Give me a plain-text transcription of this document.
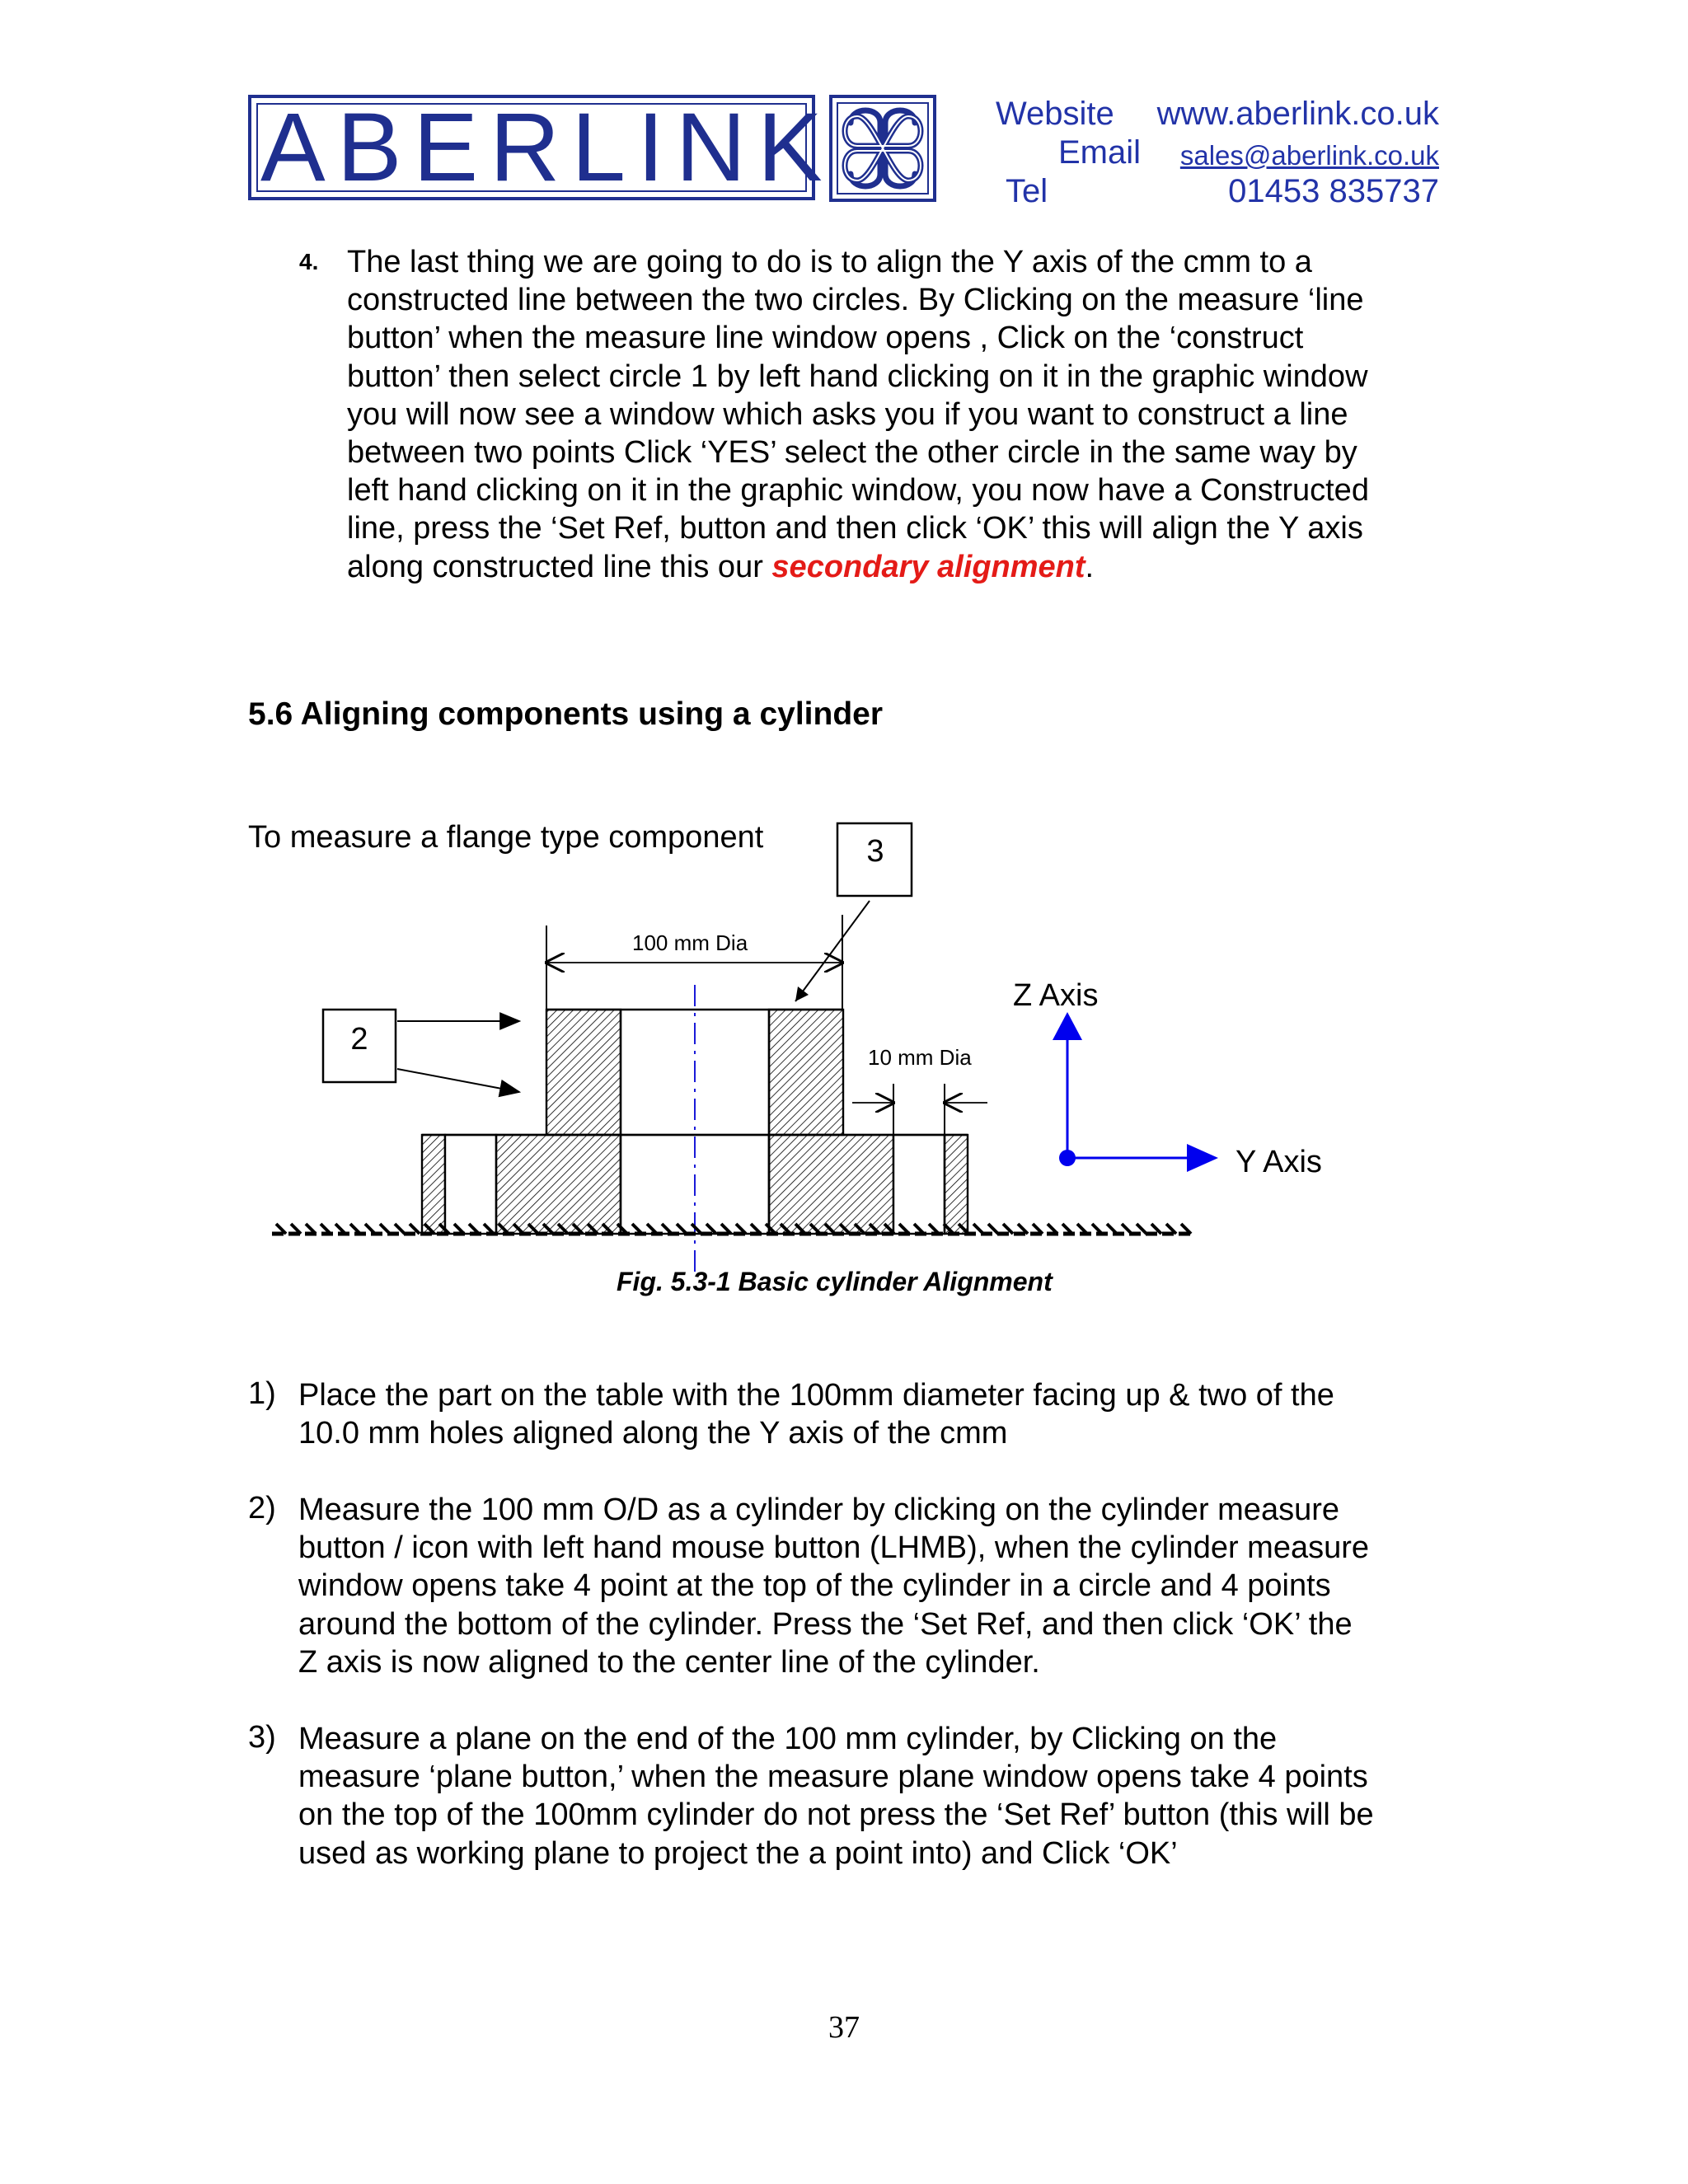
ABERLINK	Website	www.aberlink.co.uk
Email	sales@aberlink.co.uk
Tel	01453 835737
4. The last thing we are going to do is to align the Y axis of the cmm to a
constructed line between the two circles. By Clicking on the measure ‘line
button’ when the measure line window opens , Click on the ‘construct
button’ then select circle 1 by left hand clicking on it in the graphic window
you will now see a window which asks you if you want to construct a line
between two points Click ‘YES’ select the other circle in the same way by
left hand clicking on it in the graphic window, you now have a Constructed
line, press the ‘Set Ref, button and then click ‘OK’ this will align the Y axis
along constructed line this our secondary alignment.
5.6 Aligning components using a cylinder
To measure a flange type component	3
2
100 mm Dia
10 mm Dia
Z Axis
Y Axis
Fig. 5.3-1 Basic cylinder Alignment
1) Place the part on the table with the 100mm diameter facing up & two of the
10.0 mm holes aligned along the Y axis of the cmm
2) Measure the 100 mm O/D as a cylinder by clicking on the cylinder measure
button / icon with left hand mouse button (LHMB), when the cylinder measure
window opens take 4 point at the top of the cylinder in a circle and 4 points
around the bottom of the cylinder. Press the ‘Set Ref, and then click ‘OK’ the
Z axis is now aligned to the center line of the cylinder.
3) Measure a plane on the end of the 100 mm cylinder, by Clicking on the
measure ‘plane button,’ when the measure plane window opens take 4 points
on the top of the 100mm cylinder do not press the ‘Set Ref’ button (this will be
used as working plane to project the a point into) and Click ‘OK’
37
